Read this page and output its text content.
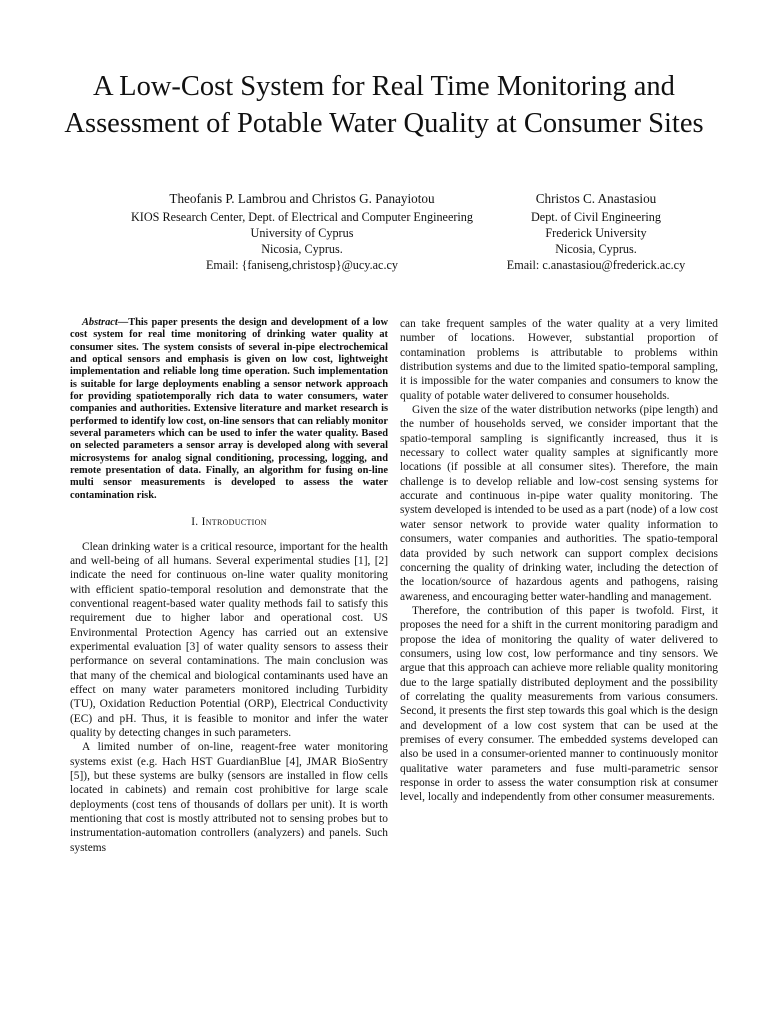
A Low-Cost System for Real Time Monitoring and Assessment of Potable Water Quality at Consumer Sites
Theofanis P. Lambrou and Christos G. Panayiotou
KIOS Research Center, Dept. of Electrical and Computer Engineering
University of Cyprus
Nicosia, Cyprus.
Email: {faniseng,christosp}@ucy.ac.cy
Christos C. Anastasiou
Dept. of Civil Engineering
Frederick University
Nicosia, Cyprus.
Email: c.anastasiou@frederick.ac.cy

Abstract—This paper presents the design and development of a low cost system for real time monitoring of drinking water quality at consumer sites. The system consists of several in-pipe electrochemical and optical sensors and emphasis is given on low cost, lightweight implementation and reliable long time operation. Such implementation is suitable for large deployments enabling a sensor network approach for providing spatiotemporally rich data to water consumers, water companies and authorities. Extensive literature and market research is performed to identify low cost, on-line sensors that can reliably monitor several parameters which can be used to infer the water quality. Based on selected parameters a sensor array is developed along with several microsystems for analog signal conditioning, processing, logging, and remote presentation of data. Finally, an algorithm for fusing on-line multi sensor measurements is developed to assess the water contamination risk.

I. Introduction

Clean drinking water is a critical resource, important for the health and well-being of all humans. Several experimental studies [1], [2] indicate the need for continuous on-line water quality monitoring with efficient spatio-temporal resolution and demonstrate that the conventional reagent-based water quality methods fail to satisfy this requirement due to higher labor and operational cost. US Environmental Protection Agency has carried out an extensive experimental evaluation [3] of water quality sensors to assess their performance on several contaminations. The main conclusion was that many of the chemical and biological contaminants used have an effect on many water parameters monitored including Turbidity (TU), Oxidation Reduction Potential (ORP), Electrical Conductivity (EC) and pH. Thus, it is feasible to monitor and infer the water quality by detecting changes in such parameters.

A limited number of on-line, reagent-free water monitoring systems exist (e.g. Hach HST GuardianBlue [4], JMAR BioSentry [5]), but these systems are bulky (sensors are installed in flow cells located in cabinets) and remain cost prohibitive for large scale deployments (cost tens of thousands of dollars per unit). It is worth mentioning that cost is mostly attributed not to sensing probes but to instrumentation-automation controllers (analyzers) and panels. Such systems

can take frequent samples of the water quality at a very limited number of locations. However, substantial proportion of contamination problems is attributable to problems within distribution systems and due to the limited spatio-temporal sampling, it is impossible for the water companies and consumers to know the quality of potable water delivered to consumer households.

Given the size of the water distribution networks (pipe length) and the number of households served, we consider important that the spatio-temporal sampling is significantly increased, thus it is necessary to collect water quality samples at significantly more locations (if possible at all consumer sites). Therefore, the main challenge is to develop reliable and low-cost sensing systems for accurate and continuous in-pipe water quality monitoring. The system developed is intended to be used as a part (node) of a low cost water sensor network to provide water quality information to consumers, water companies and authorities. The spatio-temporal data provided by such network can support complex decisions concerning the quality of drinking water, including the detection of the location/source of hazardous agents and pathogens, raising awareness, and encouraging better water-handling and management.

Therefore, the contribution of this paper is twofold. First, it proposes the need for a shift in the current monitoring paradigm and propose the idea of monitoring the quality of water delivered to consumers, using low cost, low performance and tiny sensors. We argue that this approach can achieve more reliable quality monitoring due to the large spatially distributed deployment and the possibility of correlating the quality measurements from various consumers. Second, it presents the first step towards this goal which is the design and development of a low cost system that can be used at the premises of every consumer. The embedded systems developed can also be used in a consumer-oriented manner to continuously monitor qualitative water parameters and fuse multi-parametric sensor response in order to assess the water consumption risk at consumer level, locally and independently from other consumer measurements.
